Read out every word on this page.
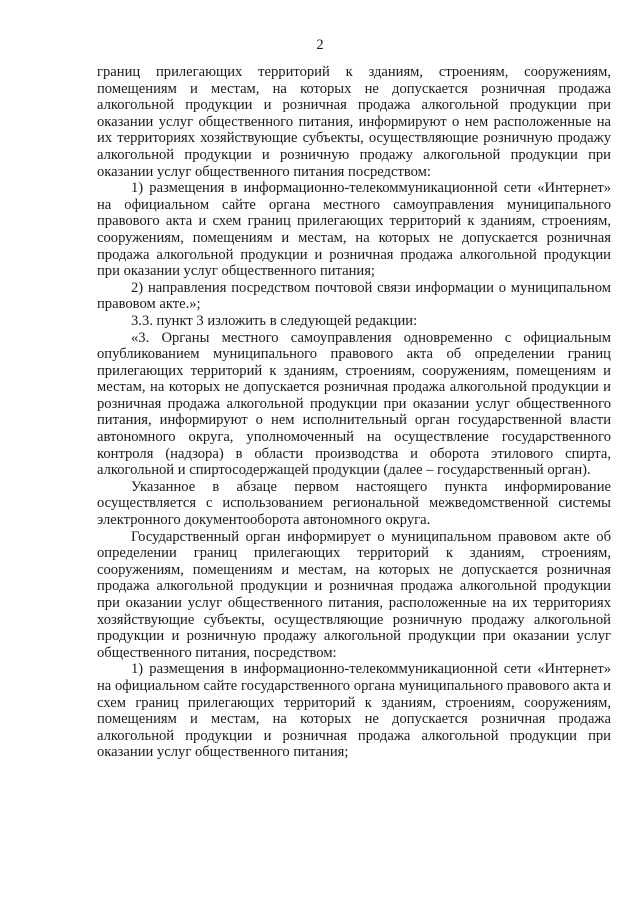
2

границ прилегающих территорий к зданиям, строениям, сооружениям, помещениям и местам, на которых не допускается розничная продажа алкогольной продукции и розничная продажа алкогольной продукции при оказании услуг общественного питания, информируют о нем расположенные на их территориях хозяйствующие субъекты, осуществляющие розничную продажу алкогольной продукции и розничную продажу алкогольной продукции при оказании услуг общественного питания посредством:

1) размещения в информационно-телекоммуникационной сети «Интернет» на официальном сайте органа местного самоуправления муниципального правового акта и схем границ прилегающих территорий к зданиям, строениям, сооружениям, помещениям и местам, на которых не допускается розничная продажа алкогольной продукции и розничная продажа алкогольной продукции при оказании услуг общественного питания;

2) направления посредством почтовой связи информации о муниципальном правовом акте.»;

3.3. пункт 3 изложить в следующей редакции:

«3. Органы местного самоуправления одновременно с официальным опубликованием муниципального правового акта об определении границ прилегающих территорий к зданиям, строениям, сооружениям, помещениям и местам, на которых не допускается розничная продажа алкогольной продукции и розничная продажа алкогольной продукции при оказании услуг общественного питания, информируют о нем исполнительный орган государственной власти автономного округа, уполномоченный на осуществление государственного контроля (надзора) в области производства и оборота этилового спирта, алкогольной и спиртосодержащей продукции (далее – государственный орган).

Указанное в абзаце первом настоящего пункта информирование осуществляется с использованием региональной межведомственной системы электронного документооборота автономного округа.

Государственный орган информирует о муниципальном правовом акте об определении границ прилегающих территорий к зданиям, строениям, сооружениям, помещениям и местам, на которых не допускается розничная продажа алкогольной продукции и розничная продажа алкогольной продукции при оказании услуг общественного питания, расположенные на их территориях хозяйствующие субъекты, осуществляющие розничную продажу алкогольной продукции и розничную продажу алкогольной продукции при оказании услуг общественного питания, посредством:

1) размещения в информационно-телекоммуникационной сети «Интернет» на официальном сайте государственного органа муниципального правового акта и схем границ прилегающих территорий к зданиям, строениям, сооружениям, помещениям и местам, на которых не допускается розничная продажа алкогольной продукции и розничная продажа алкогольной продукции при оказании услуг общественного питания;
